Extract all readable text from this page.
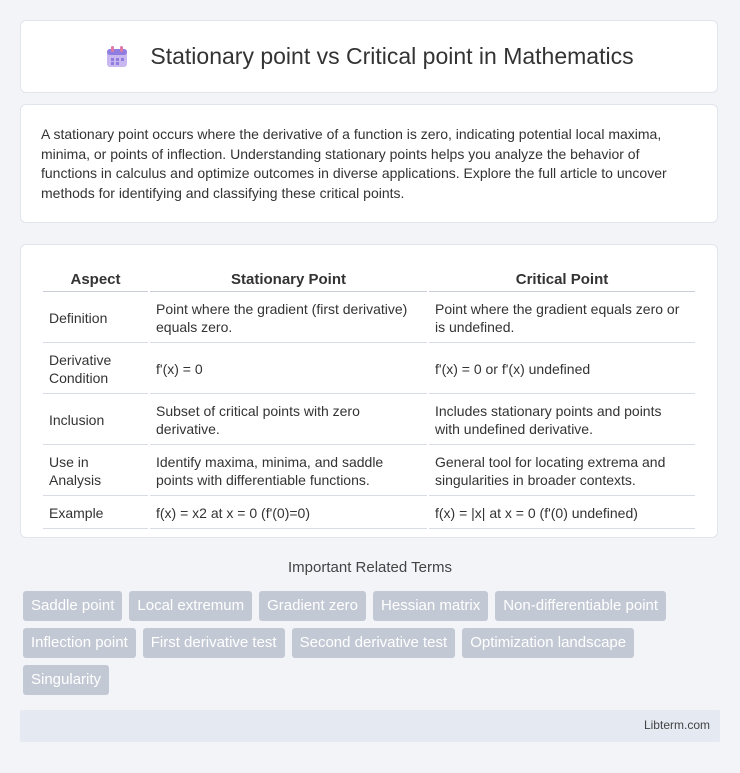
Stationary point vs Critical point in Mathematics

A stationary point occurs where the derivative of a function is zero, indicating potential local maxima, minima, or points of inflection. Understanding stationary points helps you analyze the behavior of functions in calculus and optimize outcomes in diverse applications. Explore the full article to uncover methods for identifying and classifying these critical points.

Aspect	Stationary Point	Critical Point
Definition	Point where the gradient (first derivative) equals zero.	Point where the gradient equals zero or is undefined.
Derivative Condition	f'(x) = 0	f'(x) = 0 or f'(x) undefined
Inclusion	Subset of critical points with zero derivative.	Includes stationary points and points with undefined derivative.
Use in Analysis	Identify maxima, minima, and saddle points with differentiable functions.	General tool for locating extrema and singularities in broader contexts.
Example	f(x) = x2 at x = 0 (f'(0)=0)	f(x) = |x| at x = 0 (f'(0) undefined)
Important Related Terms
Saddle point	Local extremum	Gradient zero	Hessian matrix	Non-differentiable point
Inflection point	First derivative test	Second derivative test	Optimization landscape
Singularity
Libterm.com
